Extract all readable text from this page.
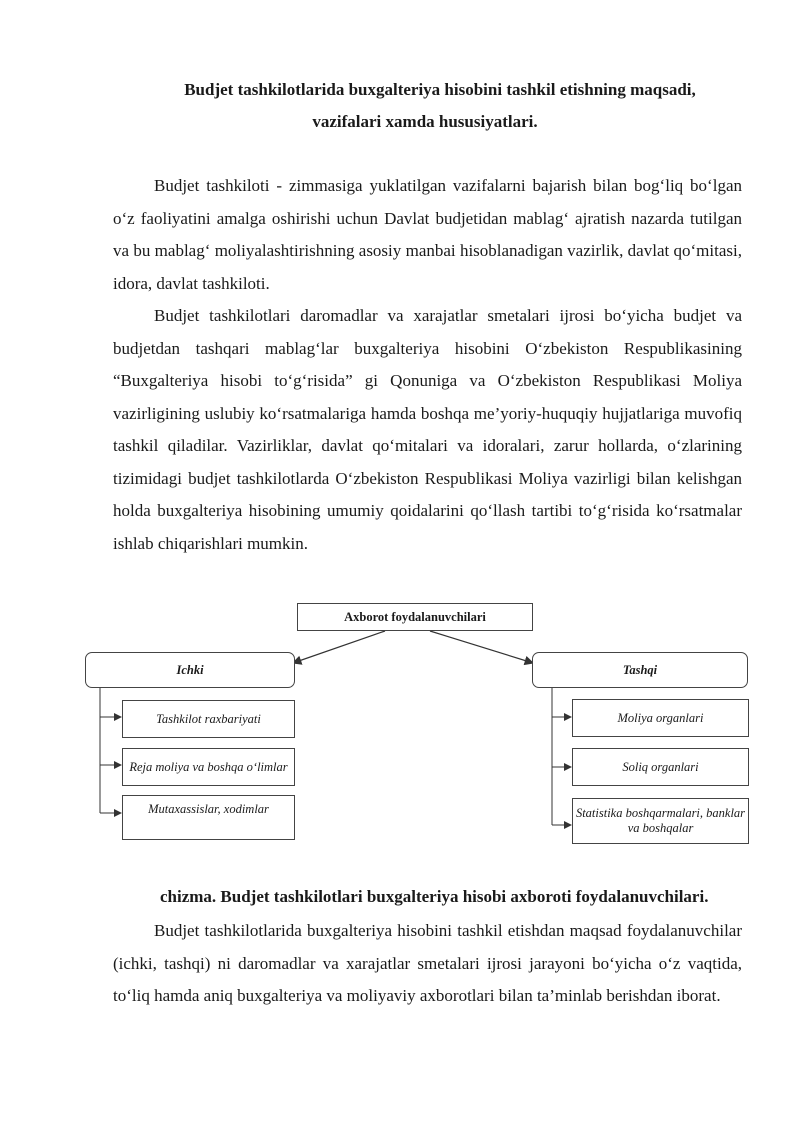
Budjet tashkilotlarida buxgalteriya hisobini tashkil etishning maqsadi,
vazifalari xamda hususiyatlari.

Budjet tashkiloti - zimmasiga yuklatilgan vazifalarni bajarish bilan bog‘liq bo‘lgan o‘z faoliyatini amalga oshirishi uchun Davlat budjetidan mablag‘ ajratish nazarda tutilgan va bu mablag‘ moliyalashtirishning asosiy manbai hisoblanadigan vazirlik, davlat qo‘mitasi, idora, davlat tashkiloti.

Budjet tashkilotlari daromadlar va xarajatlar smetalari ijrosi bo‘yicha budjet va budjetdan tashqari mablag‘lar buxgalteriya hisobini O‘zbekiston Respublikasining “Buxgalteriya hisobi to‘g‘risida” gi Qonuniga va O‘zbekiston Respublikasi Moliya vazirligining uslubiy ko‘rsatmalariga hamda boshqa me’yoriy-huquqiy hujjatlariga muvofiq tashkil qiladilar. Vazirliklar, davlat qo‘mitalari va idoralari, zarur hollarda, o‘zlarining tizimidagi budjet tashkilotlarda O‘zbekiston Respublikasi Moliya vazirligi bilan kelishgan holda buxgalteriya hisobining umumiy qoidalarini qo‘llash tartibi to‘g‘risida ko‘rsatmalar ishlab chiqarishlari mumkin.

Axborot foydalanuvchilari
Ichki	Tashqi
Tashkilot raxbariyati
Reja moliya va boshqa o‘limlar
Mutaxassislar, xodimlar
Moliya organlari
Soliq organlari
Statistika boshqarmalari, banklar va boshqalar
chizma. Budjet tashkilotlari buxgalteriya hisobi axboroti foydalanuvchilari.

Budjet tashkilotlarida buxgalteriya hisobini tashkil etishdan maqsad foydalanuvchilar (ichki, tashqi) ni daromadlar va xarajatlar smetalari ijrosi jarayoni bo‘yicha o‘z vaqtida, to‘liq hamda aniq buxgalteriya va moliyaviy axborotlari bilan ta’minlab berishdan iborat.
